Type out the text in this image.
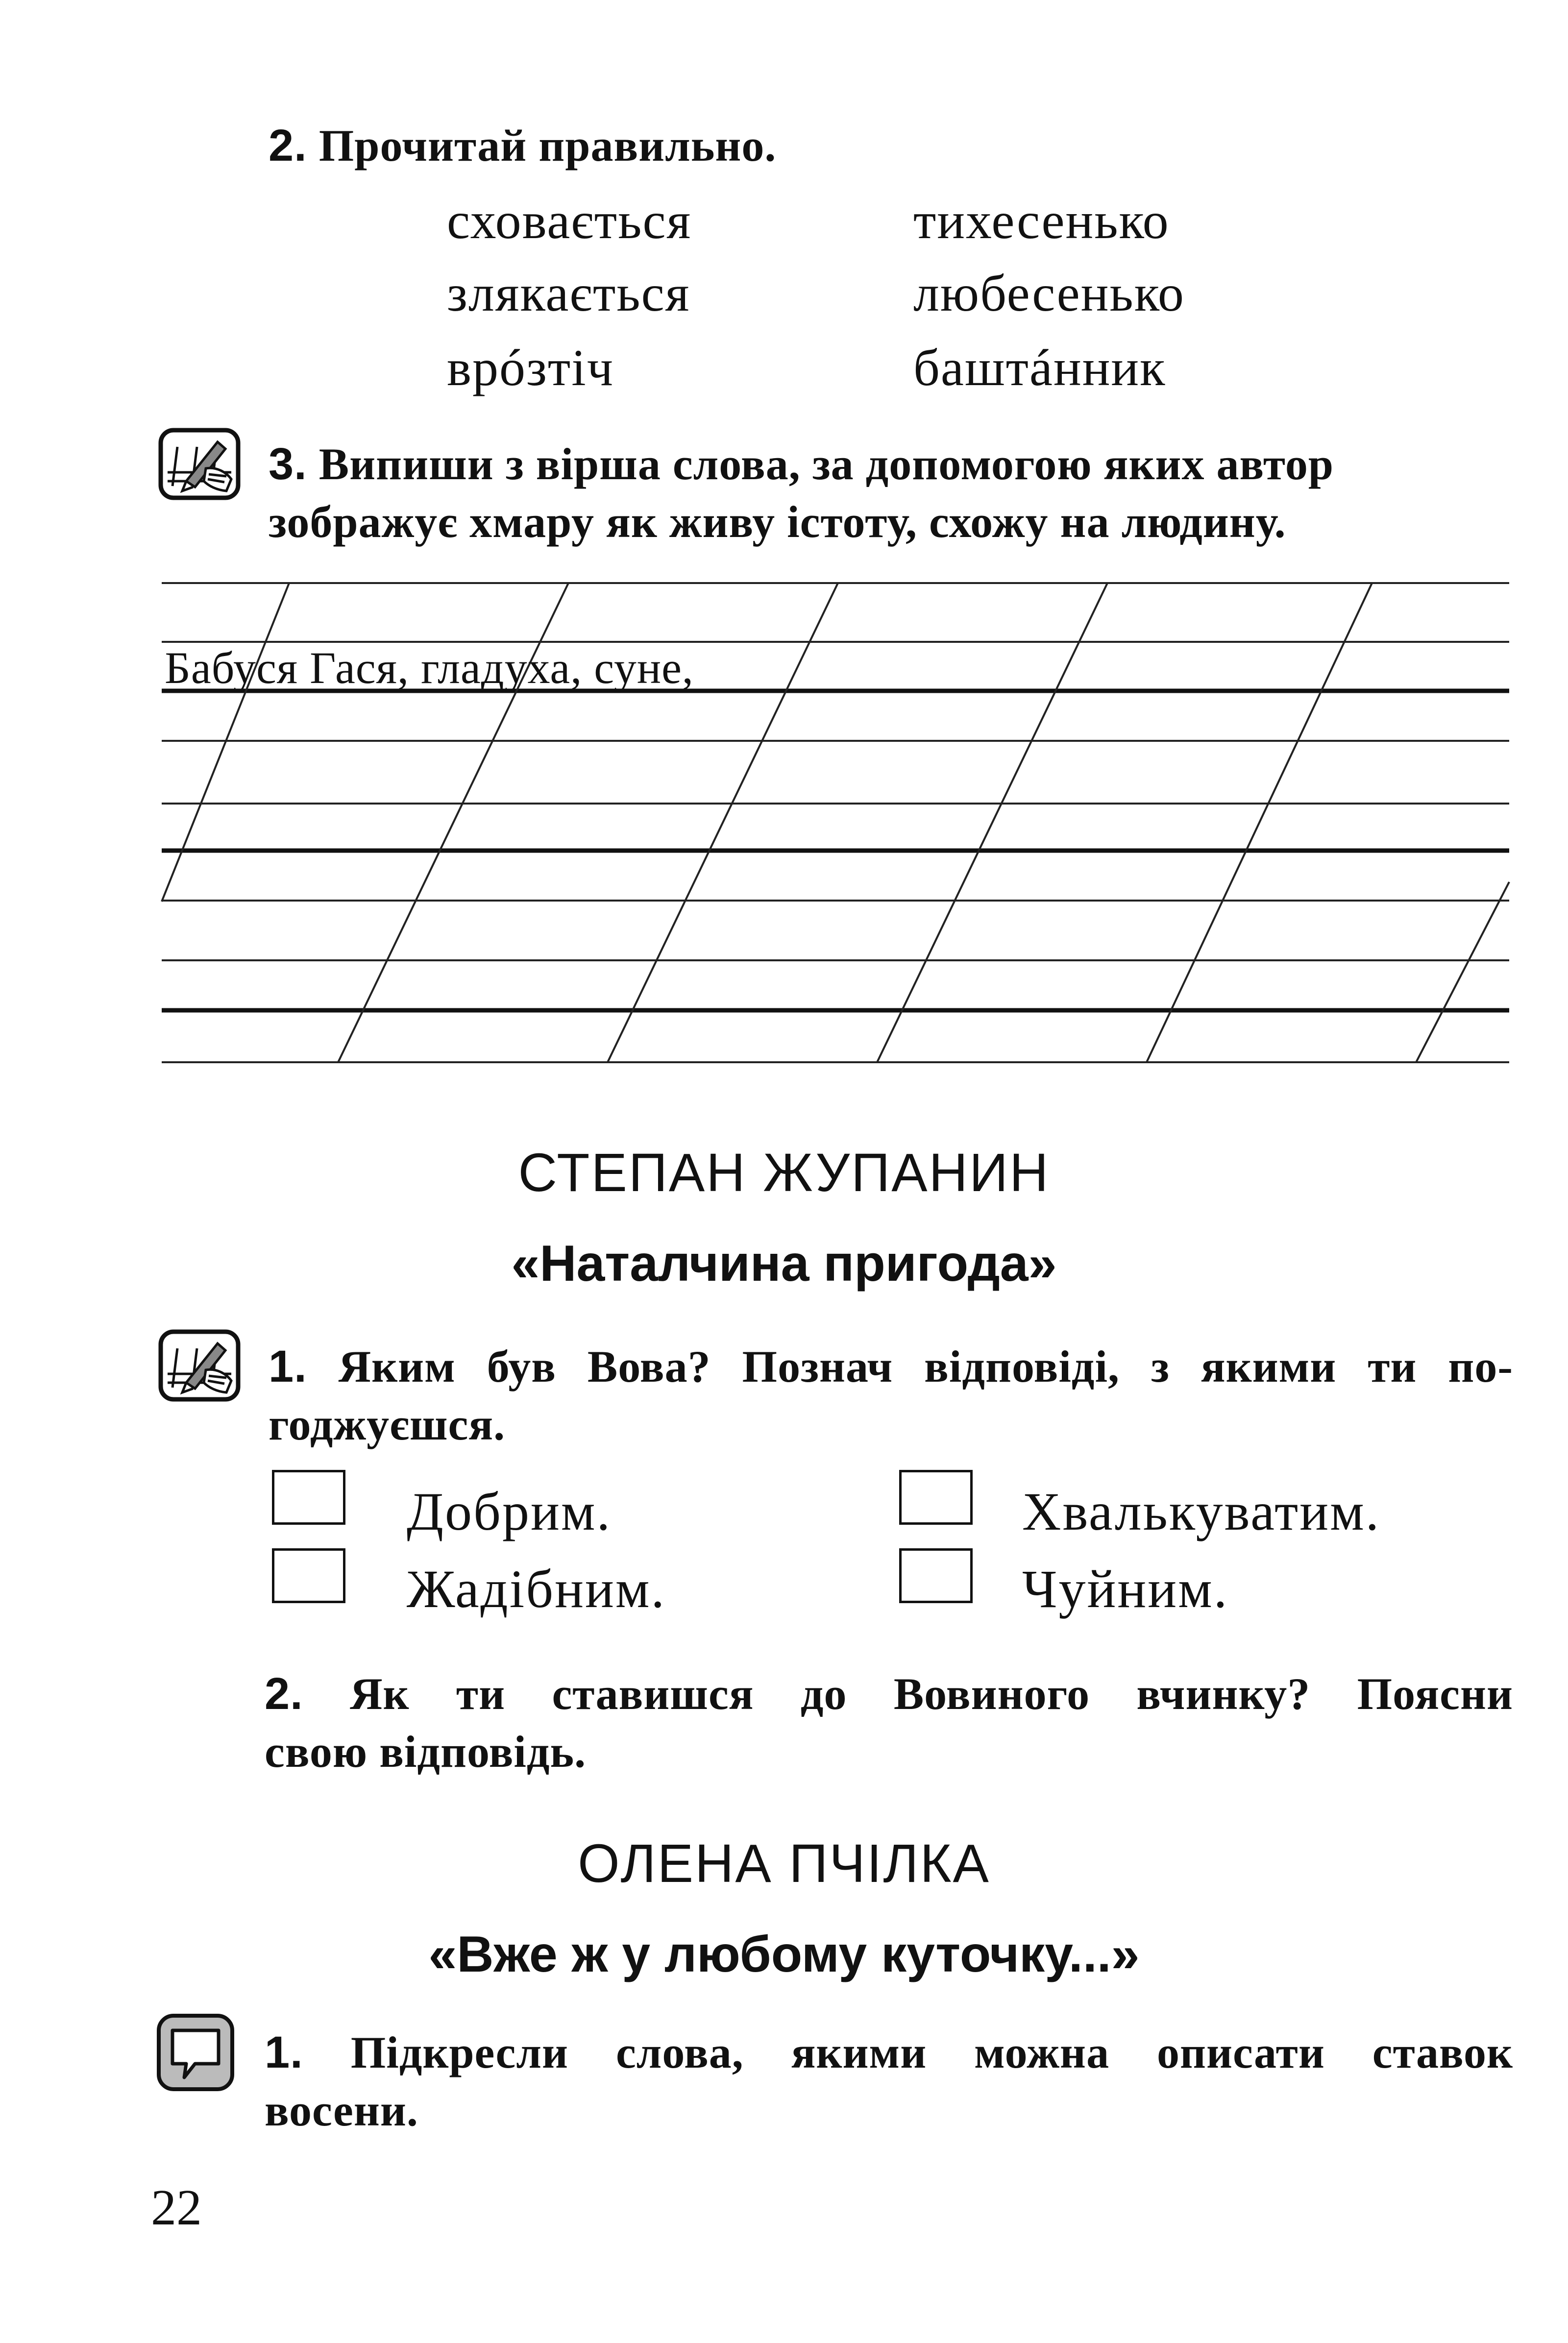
2. Прочитай правильно.
сховається
злякається
врóзтіч
тихесенько
любесенько
баштáнник
3. Випиши з вірша слова, за допомогою яких автор
зображує хмару як живу істоту, схожу на людину.
Бабуся Гася, гладуха, суне,
СТЕПАН ЖУПАНИН
«Наталчина пригода»
1. Яким був Вова? Познач відповіді, з якими ти по-
годжуєшся.
Добрим.	Хвалькуватим.
Жадібним.	Чуйним.
2. Як ти ставишся до Вовиного вчинку? Поясни
свою відповідь.
ОЛЕНА ПЧІЛКА
«Вже ж у любому куточку...»
1. Підкресли слова, якими можна описати ставок
восени.
22
